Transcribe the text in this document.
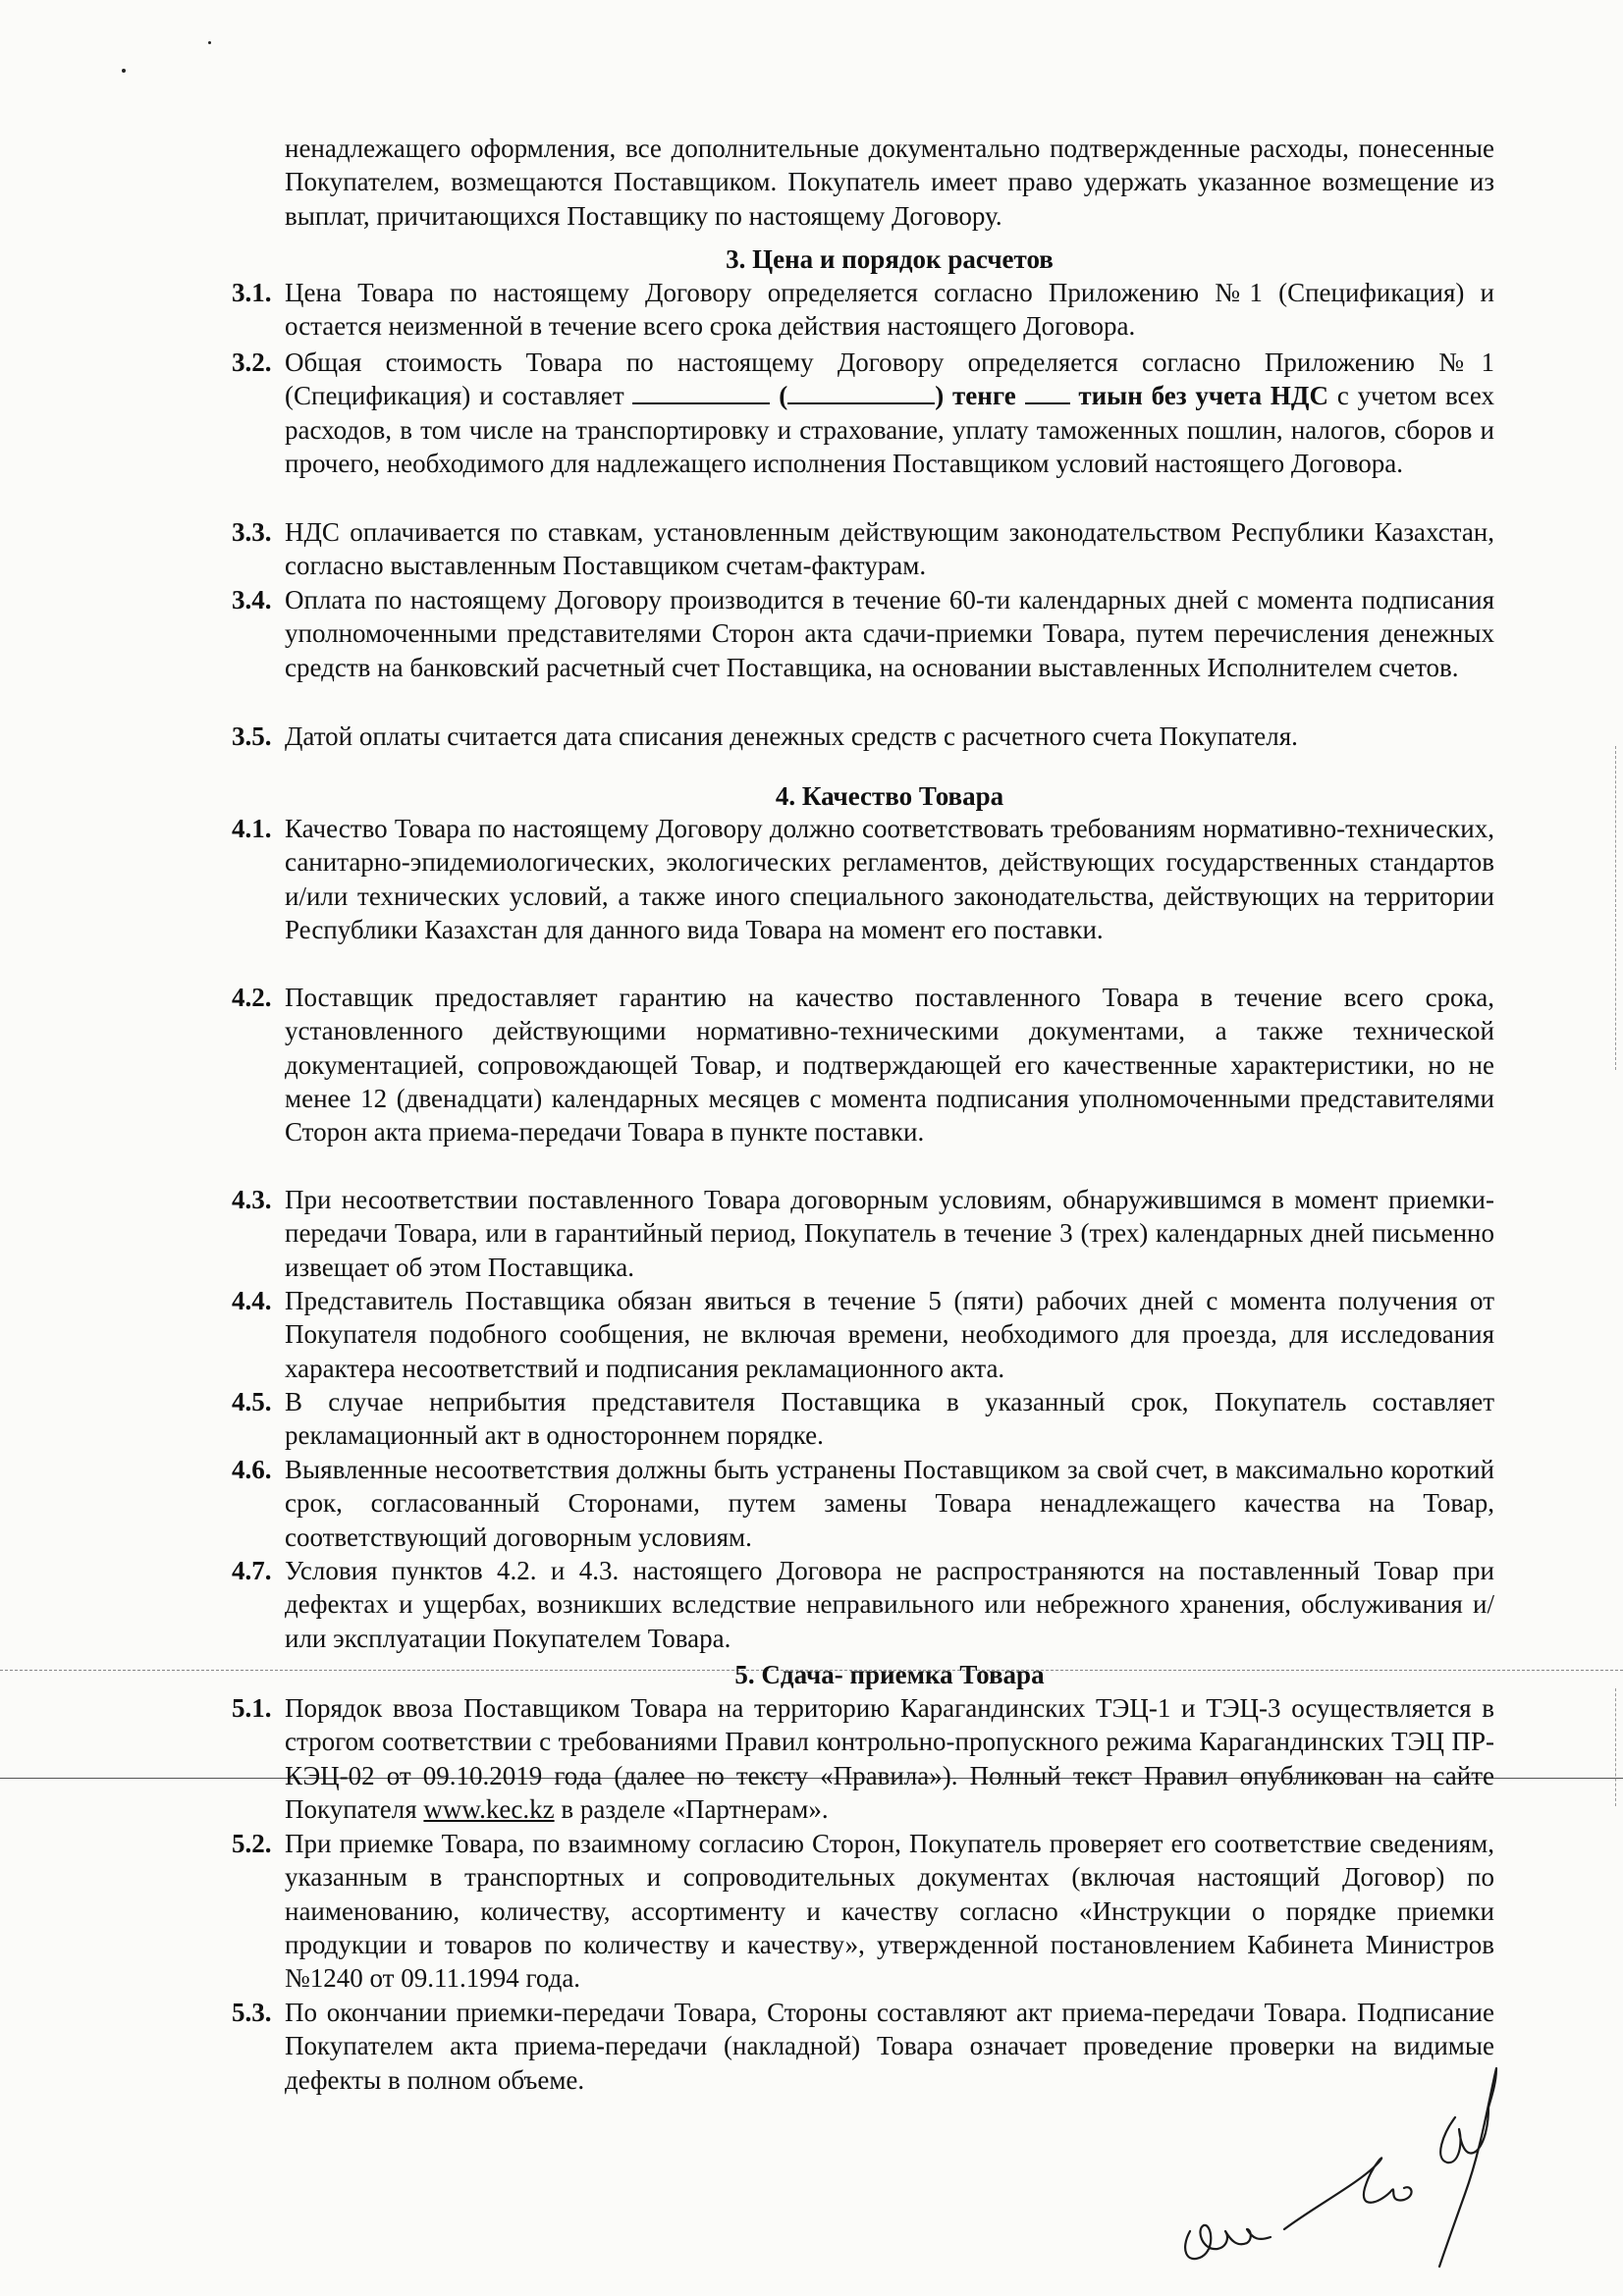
ненадлежащего оформления, все дополнительные документально подтвержденные расходы, понесенные Покупателем, возмещаются Поставщиком. Покупатель имеет право удержать указанное возмещение из выплат, причитающихся Поставщику по настоящему Договору.
3. Цена и порядок расчетов
3.1. Цена Товара по настоящему Договору определяется согласно Приложению №1 (Спецификация) и остается неизменной в течение всего срока действия настоящего Договора.
3.2. Общая стоимость Товара по настоящему Договору определяется согласно Приложению №1 (Спецификация) и составляет	(	) тенге тиын без учета НДС с учетом всех расходов, в том числе на транспортировку и страхование, уплату таможенных пошлин, налогов, сборов и прочего, необходимого для надлежащего исполнения Поставщиком условий настоящего Договора.
3.3. НДС оплачивается по ставкам, установленным действующим законодательством Республики Казахстан, согласно выставленным Поставщиком счетам-фактурам.
3.4. Оплата по настоящему Договору производится в течение 60-ти календарных дней с момента подписания уполномоченными представителями Сторон акта сдачи-приемки Товара, путем перечисления денежных средств на банковский расчетный счет Поставщика, на основании выставленных Исполнителем счетов.
3.5. Датой оплаты считается дата списания денежных средств с расчетного счета Покупателя.
4. Качество Товара
4.1. Качество Товара по настоящему Договору должно соответствовать требованиям нормативно-технических, санитарно-эпидемиологических, экологических регламентов, действующих государственных стандартов и/или технических условий, а также иного специального законодательства, действующих на территории Республики Казахстан для данного вида Товара на момент его поставки.
4.2. Поставщик предоставляет гарантию на качество поставленного Товара в течение всего срока, установленного действующими нормативно-техническими документами, а также технической документацией, сопровождающей Товар, и подтверждающей его качественные характеристики, но не менее 12 (двенадцати) календарных месяцев с момента подписания уполномоченными представителями Сторон акта приема-передачи Товара в пункте поставки.
4.3. При несоответствии поставленного Товара договорным условиям, обнаружившимся в момент приемки-передачи Товара, или в гарантийный период, Покупатель в течение 3 (трех) календарных дней письменно извещает об этом Поставщика.
4.4. Представитель Поставщика обязан явиться в течение 5 (пяти) рабочих дней с момента получения от Покупателя подобного сообщения, не включая времени, необходимого для проезда, для исследования характера несоответствий и подписания рекламационного акта.
4.5. В случае неприбытия представителя Поставщика в указанный срок, Покупатель составляет рекламационный акт в одностороннем порядке.
4.6. Выявленные несоответствия должны быть устранены Поставщиком за свой счет, в максимально короткий срок, согласованный Сторонами, путем замены Товара ненадлежащего качества на Товар, соответствующий договорным условиям.
4.7. Условия пунктов 4.2. и 4.3. настоящего Договора не распространяются на поставленный Товар при дефектах и ущербах, возникших вследствие неправильного или небрежного хранения, обслуживания и/или эксплуатации Покупателем Товара.
5. Сдача- приемка Товара
5.1. Порядок ввоза Поставщиком Товара на территорию Карагандинских ТЭЦ-1 и ТЭЦ-3 осуществляется в строгом соответствии с требованиями Правил контрольно-пропускного режима Карагандинских ТЭЦ ПР-КЭЦ-02 от 09.10.2019 года (далее по тексту «Правила»). Полный текст Правил опубликован на сайте Покупателя www.kec.kz в разделе «Партнерам».
5.2. При приемке Товара, по взаимному согласию Сторон, Покупатель проверяет его соответствие сведениям, указанным в транспортных и сопроводительных документах (включая настоящий Договор) по наименованию, количеству, ассортименту и качеству согласно «Инструкции о порядке приемки продукции и товаров по количеству и качеству», утвержденной постановлением Кабинета Министров №1240 от 09.11.1994 года.
5.3. По окончании приемки-передачи Товара, Стороны составляют акт приема-передачи Товара. Подписание Покупателем акта приема-передачи (накладной) Товара означает проведение проверки на видимые дефекты в полном объеме.
